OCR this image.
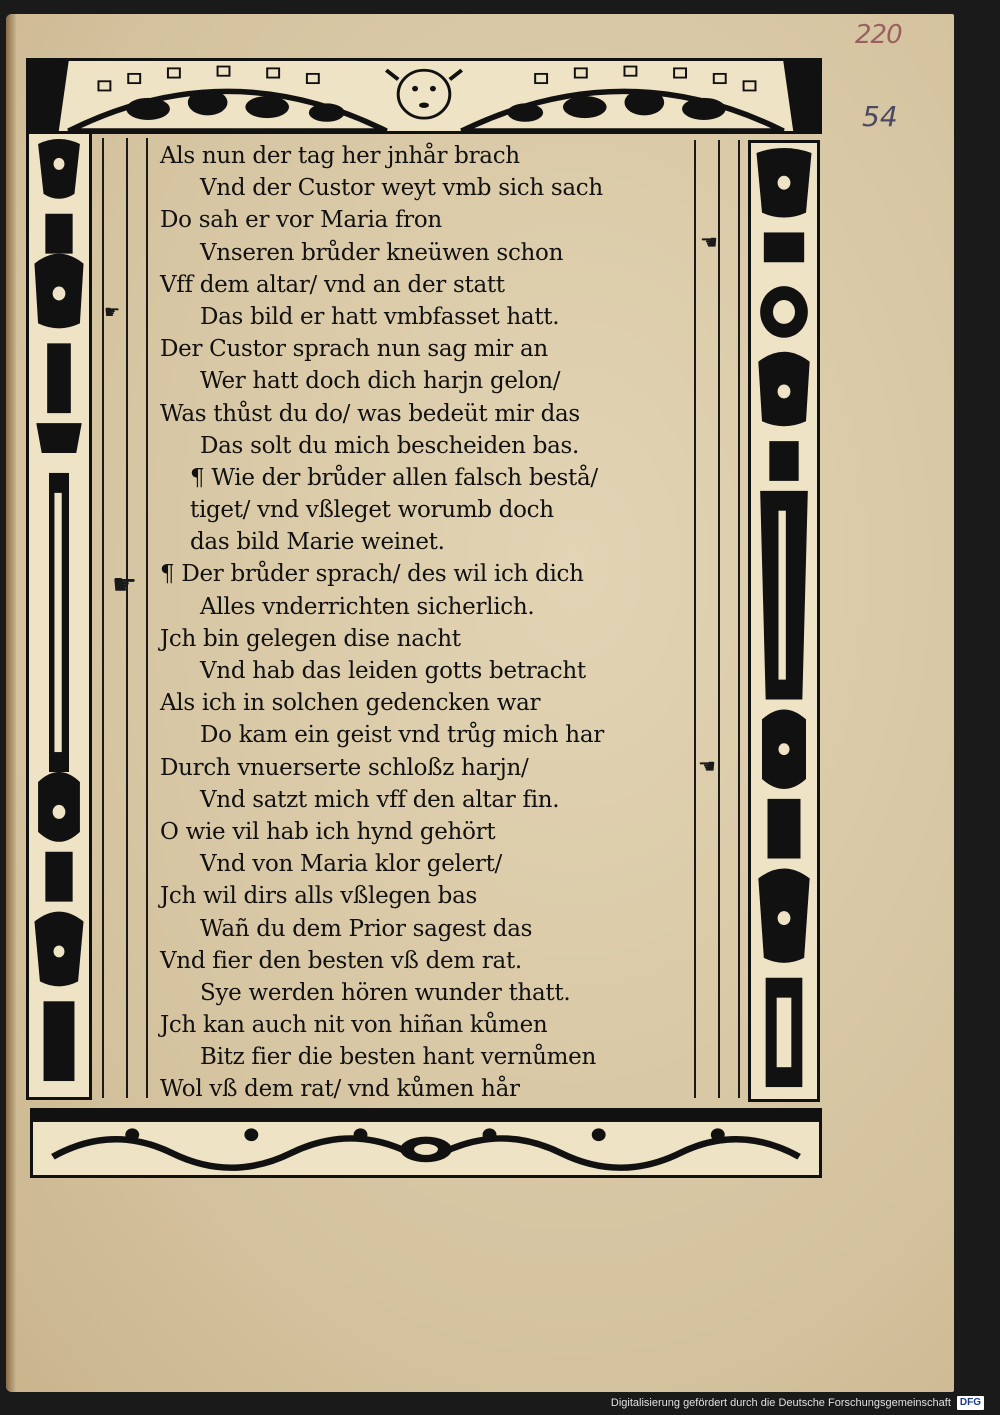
220
54
☛
☛
☚
☚
Als nun der tag her jnhår brach
Vnd der Custor weyt vmb sich sach
Do sah er vor Maria fron
Vnseren brůder kneüwen schon
Vff dem altar/ vnd an der statt
Das bild er hatt vmbfasset hatt.
Der Custor sprach nun sag mir an
Wer hatt doch dich harjn gelon/
Was thůst du do/ was bedeüt mir das
Das solt du mich bescheiden bas.
¶ Wie der brůder allen falsch bestå/
tiget/ vnd vßleget worumb doch
das bild Marie weinet.
¶ Der brůder sprach/ des wil ich dich
Alles vnderrichten sicherlich.
Jch bin gelegen dise nacht
Vnd hab das leiden gotts betracht
Als ich in solchen gedencken war
Do kam ein geist vnd trůg mich har
Durch vnuerserte schloßz harjn/
Vnd satzt mich vff den altar fin.
O wie vil hab ich hynd gehört
Vnd von Maria klor gelert/
Jch wil dirs alls vßlegen bas
Wañ du dem Prior sagest das
Vnd fier den besten vß dem rat.
Sye werden hören wunder thatt.
Jch kan auch nit von hiñan kůmen
Bitz fier die besten hant vernůmen
Wol vß dem rat/ vnd kůmen hår
Digitalisierung gefördert durch die Deutsche Forschungsgemeinschaft DFG
